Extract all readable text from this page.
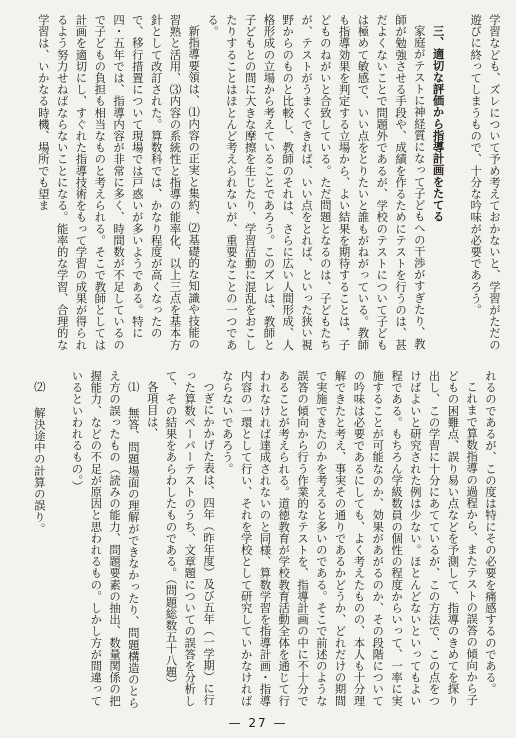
学習なども、ズレについて予め考えておかないと、学習がただの遊びに終ってしまうもので、十分な吟味が必要であろう。

三、適切な評価から指導計画をたてる

家庭がテストに神経質になって子どもへの干渉がすぎたり、教師が勉強させる手段や、成績を作るためにテストを行うのは、甚だよくないことで問題外であるが、学校のテストについて子どもは極めて敏感で、いい点をとりたいと誰もがねがっている。教師も指導効果を判定する立場から、よい結果を期待することは、子どものねがいと合致している。ただ問題となるのは、子どもたちが、テストがうまくできれば、いい点をとれば、といった狭い視野からのものと比較し、教師のそれは、さらに広い人間形成、人格形成の立場から考えていることであろう。このズレは、教師と子どもとの間に大きな摩擦を生じたり、学習活動に混乱をおこしたりすることはほとんど考えられないが、重要なことの一つである。

新指導要領は、⑴内容の正実と集約、⑵基礎的な知識や技能の習熟と活用、⑶内容の系統性と指導の能率化、以上三点を基本方針として改訂された。算数科では、かなり程度が高くなったので、移行措置について現場では戸惑いが多いようである。特に四・五年では、指導内容が非常に多く、時間数が不足しているので子どもの負担も相当なものと考えられる。そこで教師としては計画を適切にし、すぐれた指導技術をもって学習の成果が得られるよう努力せねばならないことになる。能率的な学習、合理的な学習は、いかなる時機、場所でも望ま

れるのであるが、この度は特にその必要を痛感するのである。

これまで算数指導の過程から、またテストの誤答の傾向から子どもの困難点、誤り易い点などを予測して、指導のきめてを探り出し、この学習に十分にあてているが、この方法で、この点をつけばよいと研究された例は少ない。ほとんどないといってもよい程である。もちろん学級数員の個性の程度からいって、一率に実施することが可能なのか、効果があがるのか、その段階についての吟味は必要であるにしても、よく考えたものの、本人も十分理解できたと考え、事実その通りであるかどうか、どれだけの期間で実施できたのかを考えると多いのである。そこで前述のような誤答の傾向から行う作業的なテストを、指導計画の中に不十分であることが考えられる。道徳教育が学校教育活動全体を通じて行われなければ達成されないのと同様、算数学習を指導計画・指導内容の一環として行い、それを学校として研究していかなければならないであろう。

つぎにかかげた表は、四年（昨年度）及び五年（一学期）に行った算数ペーパーテストのうち、文章題についての誤答を分析して、その結果をあらわしたものである。（問題総数五十八題）

各項目は、

⑴ 無答、問題場面の理解ができなかったり、問題構造のとらえ方の誤ったもの（読みの能力、問題要素の抽出、数量関係の把握能力、などの不足が原因と思われるもの。しかし方が間違っているといわれるもの。）

⑵ 解決途中の計算の誤り。

— 27 —
